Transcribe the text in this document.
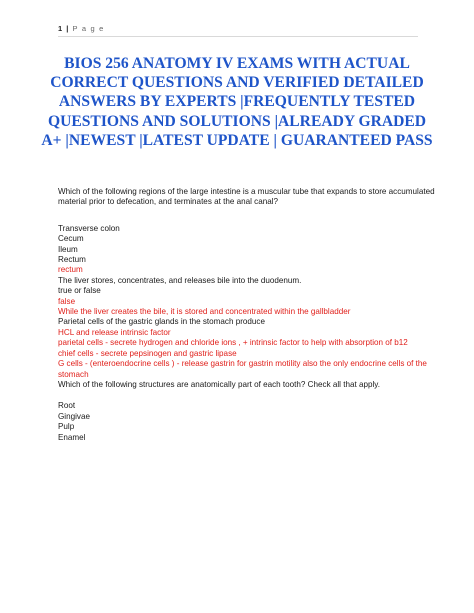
1 | P a g e
BIOS 256 ANATOMY IV EXAMS WITH ACTUAL CORRECT QUESTIONS AND VERIFIED DETAILED ANSWERS BY EXPERTS |FREQUENTLY TESTED QUESTIONS AND SOLUTIONS |ALREADY GRADED A+ |NEWEST |LATEST UPDATE | GUARANTEED PASS

Which of the following regions of the large intestine is a muscular tube that expands to store accumulated material prior to defecation, and terminates at the anal canal?

Transverse colon

Cecum

Ileum

Rectum

rectum

The liver stores, concentrates, and releases bile into the duodenum.

true or false

false

While the liver creates the bile, it is stored and concentrated within the gallbladder

Parietal cells of the gastric glands in the stomach produce

HCL and release intrinsic factor

parietal cells - secrete hydrogen and chloride ions , + intrinsic factor to help with absorption of b12

chief cells - secrete pepsinogen and gastric lipase

G cells - (enteroendocrine cells ) - release gastrin for gastrin motility also the only endocrine cells of the stomach

Which of the following structures are anatomically part of each tooth? Check all that apply.

Root

Gingivae

Pulp

Enamel
